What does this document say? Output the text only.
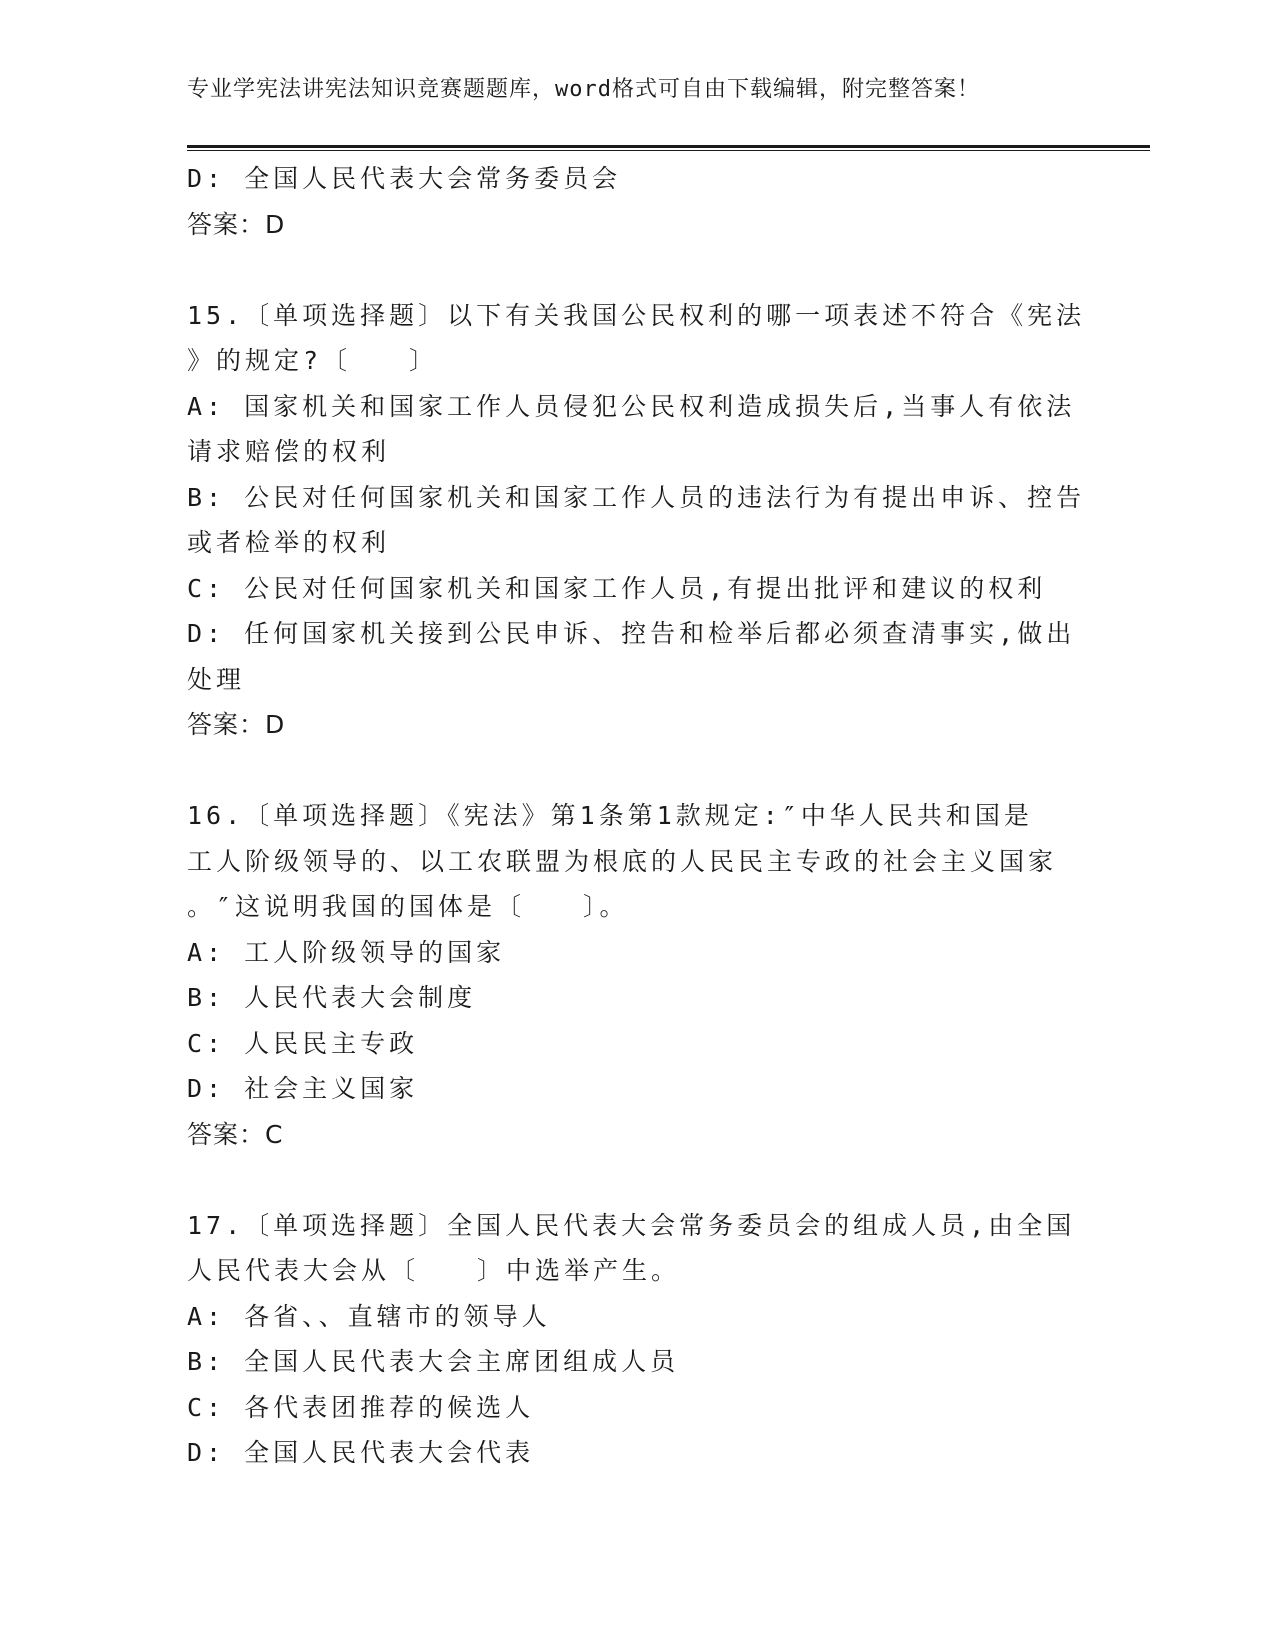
专业学宪法讲宪法知识竞赛题题库，word格式可自由下载编辑，附完整答案！
D: 全国人民代表大会常务委员会
答案：D
15.〔单项选择题〕以下有关我国公民权利的哪一项表述不符合《宪法
》的规定?〔　　〕
A: 国家机关和国家工作人员侵犯公民权利造成损失后,当事人有依法
请求赔偿的权利
B: 公民对任何国家机关和国家工作人员的违法行为有提出申诉、控告
或者检举的权利
C: 公民对任何国家机关和国家工作人员,有提出批评和建议的权利
D: 任何国家机关接到公民申诉、控告和检举后都必须查清事实,做出
处理
答案：D
16.〔单项选择题〕《宪法》第1条第1款规定:″中华人民共和国是
工人阶级领导的、以工农联盟为根底的人民民主专政的社会主义国家
。″这说明我国的国体是〔　　〕。
A: 工人阶级领导的国家
B: 人民代表大会制度
C: 人民民主专政
D: 社会主义国家
答案：C
17.〔单项选择题〕全国人民代表大会常务委员会的组成人员,由全国
人民代表大会从〔　　〕中选举产生。
A: 各省、、直辖市的领导人
B: 全国人民代表大会主席团组成人员
C: 各代表团推荐的候选人
D: 全国人民代表大会代表
